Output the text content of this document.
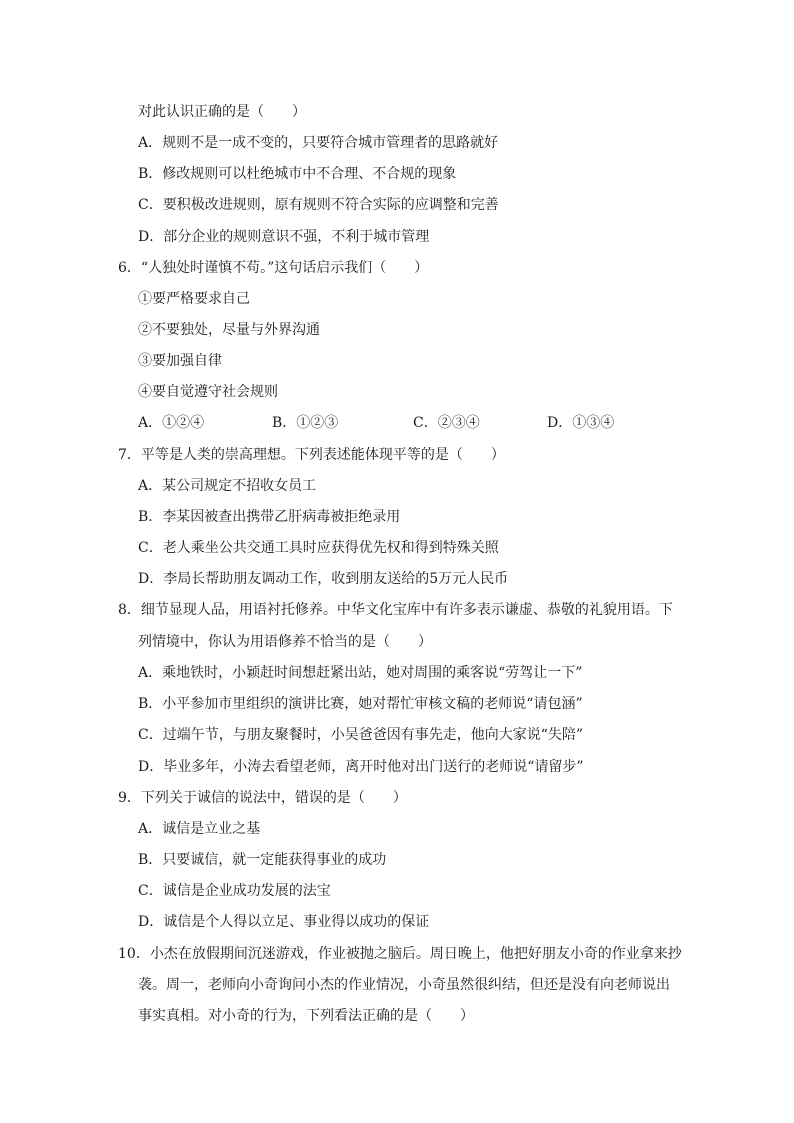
对此认识正确的是（　　）
A．规则不是一成不变的，只要符合城市管理者的思路就好
B．修改规则可以杜绝城市中不合理、不合规的现象
C．要积极改进规则，原有规则不符合实际的应调整和完善
D．部分企业的规则意识不强，不利于城市管理
6．“人独处时谨慎不苟。”这句话启示我们（　　）
①要严格要求自己
②不要独处，尽量与外界沟通
③要加强自律
④要自觉遵守社会规则
A．①②④	B．①②③	C．②③④	D．①③④
7．平等是人类的崇高理想。下列表述能体现平等的是（　　）
A．某公司规定不招收女员工
B．李某因被查出携带乙肝病毒被拒绝录用
C．老人乘坐公共交通工具时应获得优先权和得到特殊关照
D．李局长帮助朋友调动工作，收到朋友送给的5万元人民币
8．细节显现人品，用语衬托修养。中华文化宝库中有许多表示谦虚、恭敬的礼貌用语。下
列情境中，你认为用语修养不恰当的是（　　）
A．乘地铁时，小颖赶时间想赶紧出站，她对周围的乘客说“劳驾让一下”
B．小平参加市里组织的演讲比赛，她对帮忙审核文稿的老师说“请包涵”
C．过端午节，与朋友聚餐时，小吴爸爸因有事先走，他向大家说“失陪”
D．毕业多年，小涛去看望老师，离开时他对出门送行的老师说“请留步”
9．下列关于诚信的说法中，错误的是（　　）
A．诚信是立业之基
B．只要诚信，就一定能获得事业的成功
C．诚信是企业成功发展的法宝
D．诚信是个人得以立足、事业得以成功的保证
10．小杰在放假期间沉迷游戏，作业被抛之脑后。周日晚上，他把好朋友小奇的作业拿来抄
袭。周一，老师向小奇询问小杰的作业情况，小奇虽然很纠结，但还是没有向老师说出
事实真相。对小奇的行为，下列看法正确的是（　　）
